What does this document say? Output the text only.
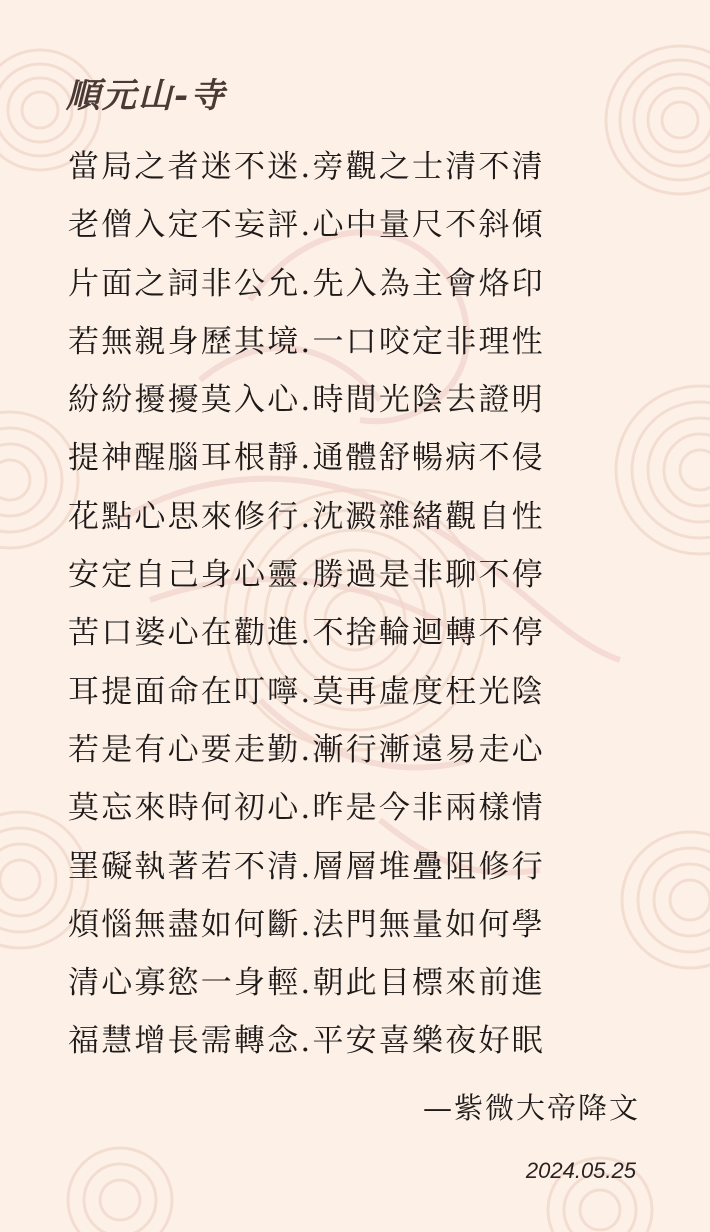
順元山-寺
當局之者迷不迷.旁觀之士清不清
老僧入定不妄評.心中量尺不斜傾
片面之詞非公允.先入為主會烙印
若無親身歷其境.一口咬定非理性
紛紛擾擾莫入心.時間光陰去證明
提神醒腦耳根靜.通體舒暢病不侵
花點心思來修行.沈澱雜緒觀自性
安定自己身心靈.勝過是非聊不停
苦口婆心在勸進.不捨輪迴轉不停
耳提面命在叮嚀.莫再虛度枉光陰
若是有心要走勤.漸行漸遠易走心
莫忘來時何初心.昨是今非兩樣情
罣礙執著若不清.層層堆疊阻修行
煩惱無盡如何斷.法門無量如何學
清心寡慾一身輕.朝此目標來前進
福慧增長需轉念.平安喜樂夜好眠
—紫微大帝降文
2024.05.25
